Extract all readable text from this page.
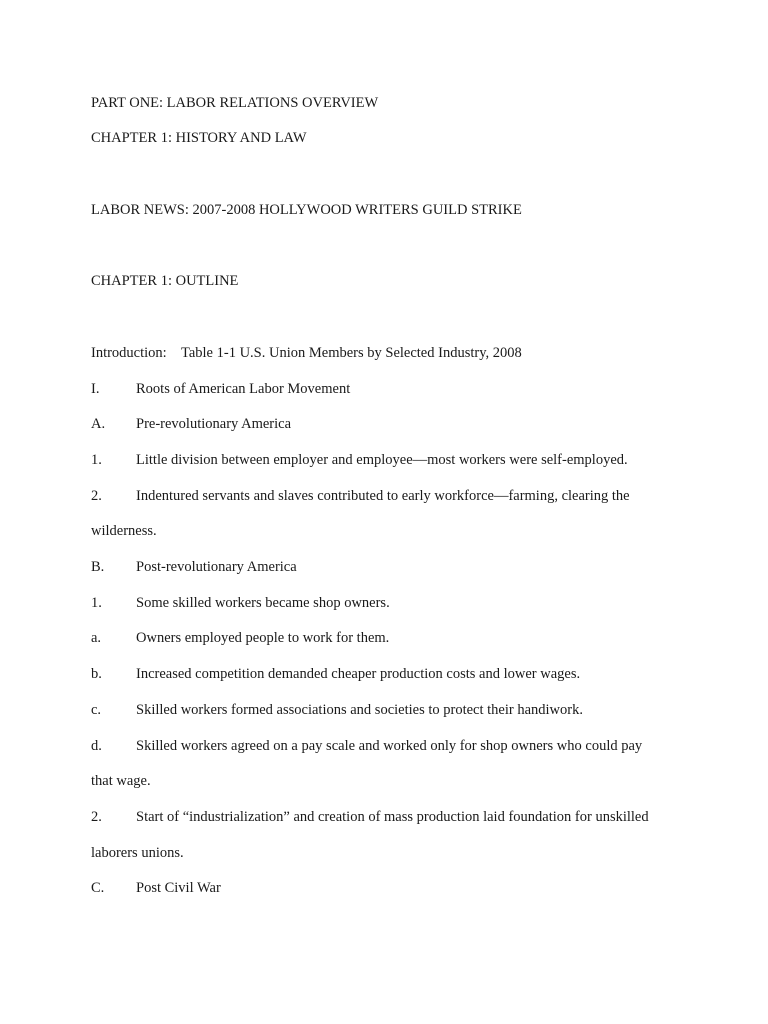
PART ONE: LABOR RELATIONS OVERVIEW
CHAPTER 1: HISTORY AND LAW
LABOR NEWS: 2007-2008 HOLLYWOOD WRITERS GUILD STRIKE
CHAPTER 1: OUTLINE
Introduction: Table 1-1 U.S. Union Members by Selected Industry, 2008
I.	Roots of American Labor Movement
A. Pre-revolutionary America
1. Little division between employer and employee—most workers were self-employed.
2. Indentured servants and slaves contributed to early workforce—farming, clearing the
wilderness.
B. Post-revolutionary America
1. Some skilled workers became shop owners.
a. Owners employed people to work for them.
b. Increased competition demanded cheaper production costs and lower wages.
c. Skilled workers formed associations and societies to protect their handiwork.
d. Skilled workers agreed on a pay scale and worked only for shop owners who could pay
that wage.
2. Start of “industrialization” and creation of mass production laid foundation for unskilled
laborers unions.
C. Post Civil War
